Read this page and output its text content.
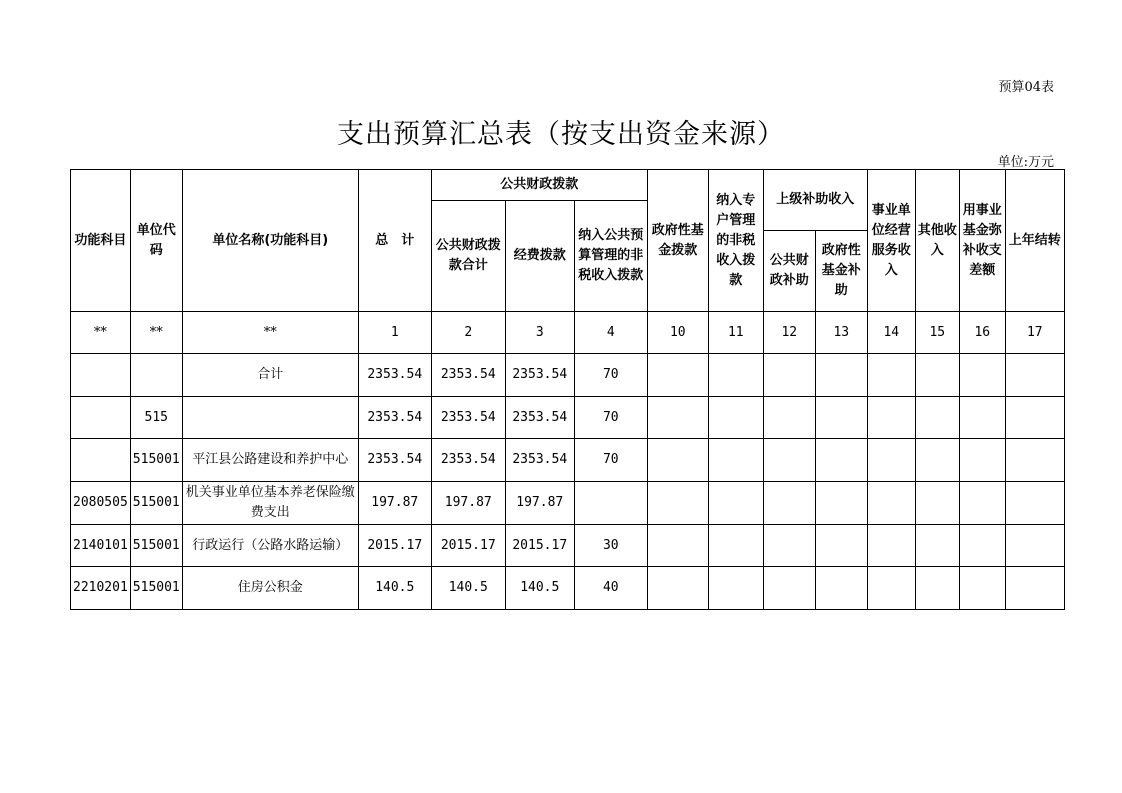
预算04表
支出预算汇总表（按支出资金来源）
单位:万元
功能科目	单位代码	单位名称(功能科目)	总　计	公共财政拨款			政府性基金拨款	纳入专户管理的非税收入拨款	上级补助收入		事业单位经营服务收入	其他收入	用事业基金弥补收支差额	上年结转
				公共财政拨款合计	经费拨款	纳入公共预算管理的非税收入拨款								
									公共财政补助	政府性基金补助				
**	**	**	1	2	3	4	10	11	12	13	14	15	16	17
		合计	2353.54	2353.54	2353.54	70								
	515		2353.54	2353.54	2353.54	70								
	515001	平江县公路建设和养护中心	2353.54	2353.54	2353.54	70								
2080505	515001	机关事业单位基本养老保险缴费支出	197.87	197.87	197.87									
2140101	515001	行政运行（公路水路运输）	2015.17	2015.17	2015.17	30								
2210201	515001	住房公积金	140.5	140.5	140.5	40								
